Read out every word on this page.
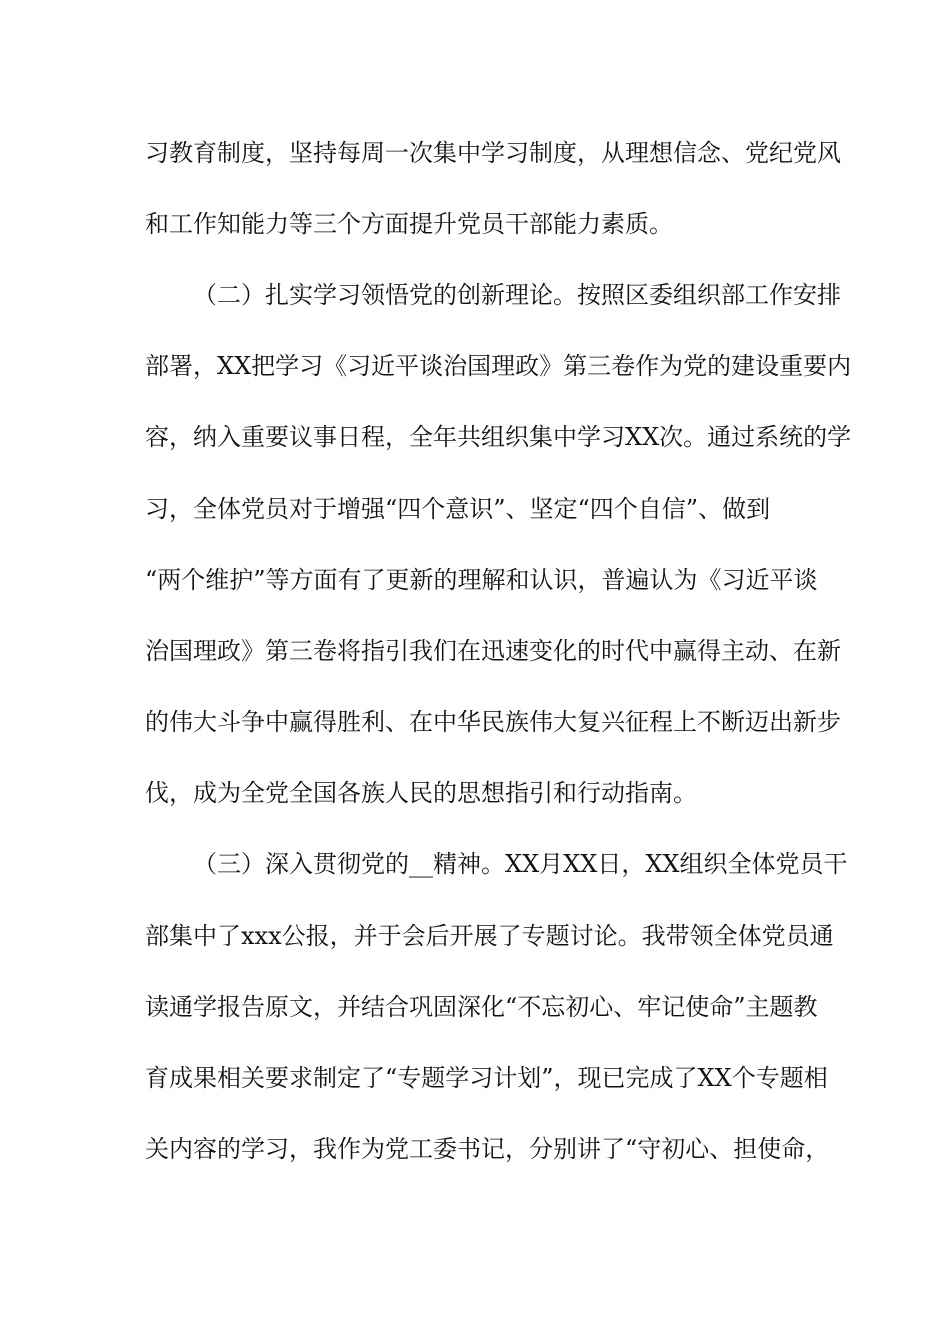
习教育制度，坚持每周一次集中学习制度，从理想信念、党纪党风
和工作知能力等三个方面提升党员干部能力素质。
（二）扎实学习领悟党的创新理论。按照区委组织部工作安排
部署，XX把学习《习近平谈治国理政》第三卷作为党的建设重要内
容，纳入重要议事日程，全年共组织集中学习XX次。通过系统的学
习，全体党员对于增强“四个意识”、坚定“四个自信”、做到
“两个维护”等方面有了更新的理解和认识，普遍认为《习近平谈
治国理政》第三卷将指引我们在迅速变化的时代中赢得主动、在新
的伟大斗争中赢得胜利、在中华民族伟大复兴征程上不断迈出新步
伐，成为全党全国各族人民的思想指引和行动指南。
（三）深入贯彻党的__精神。XX月XX日，XX组织全体党员干
部集中了xxx公报，并于会后开展了专题讨论。我带领全体党员通
读通学报告原文，并结合巩固深化“不忘初心、牢记使命”主题教
育成果相关要求制定了“专题学习计划”，现已完成了XX个专题相
关内容的学习，我作为党工委书记，分别讲了“守初心、担使命，
